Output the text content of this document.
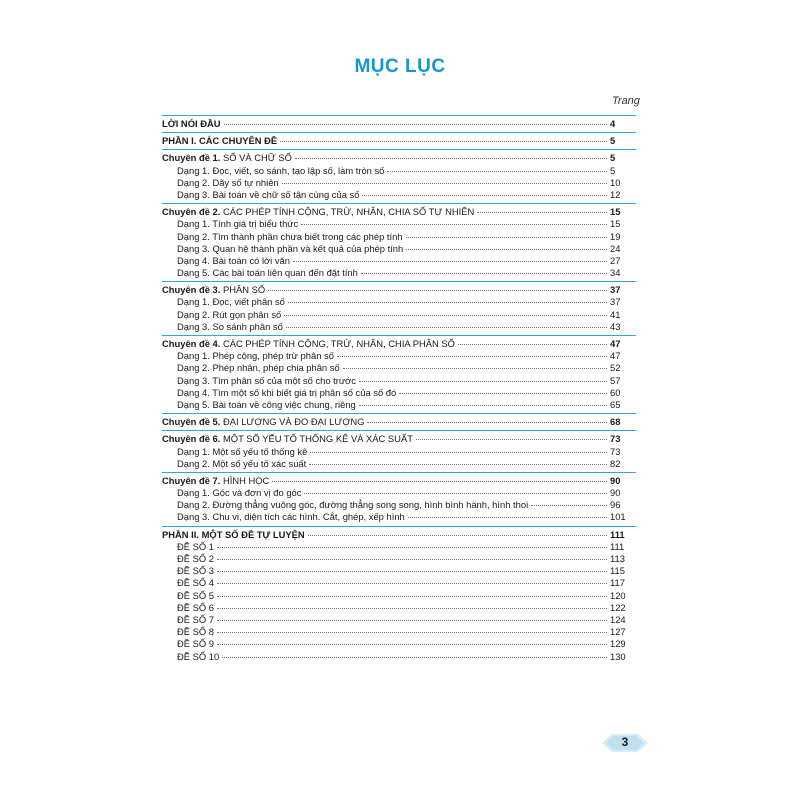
MỤC LỤC
Trang
LỜI NÓI ĐẦU	4
PHẦN I. CÁC CHUYÊN ĐỀ	5
Chuyên đề 1. SỐ VÀ CHỮ SỐ	5
Dạng 1. Đọc, viết, so sánh, tạo lập số, làm tròn số	5
Dạng 2. Dãy số tự nhiên	10
Dạng 3. Bài toán về chữ số tận cùng của số	12
Chuyên đề 2. CÁC PHÉP TÍNH CỘNG, TRỪ, NHÂN, CHIA SỐ TỰ NHIÊN	15
Dạng 1. Tính giá trị biểu thức	15
Dạng 2. Tìm thành phần chưa biết trong các phép tính	19
Dạng 3. Quan hệ thành phần và kết quả của phép tính	24
Dạng 4. Bài toán có lời văn	27
Dạng 5. Các bài toán liên quan đến đặt tính	34
Chuyên đề 3. PHÂN SỐ	37
Dạng 1. Đọc, viết phân số	37
Dạng 2. Rút gọn phân số	41
Dạng 3. So sánh phân số	43
Chuyên đề 4. CÁC PHÉP TÍNH CỘNG, TRỪ, NHÂN, CHIA PHÂN SỐ	47
Dạng 1. Phép cộng, phép trừ phân số	47
Dạng 2. Phép nhân, phép chia phân số	52
Dạng 3. Tìm phân số của một số cho trước	57
Dạng 4. Tìm một số khi biết giá trị phân số của số đó	60
Dạng 5. Bài toán về công việc chung, riêng	65
Chuyên đề 5. ĐẠI LƯỢNG VÀ ĐO ĐẠI LƯỢNG	68
Chuyên đề 6. MỘT SỐ YẾU TỐ THỐNG KÊ VÀ XÁC SUẤT	73
Dạng 1. Một số yếu tố thống kê	73
Dạng 2. Một số yếu tố xác suất	82
Chuyên đề 7. HÌNH HỌC	90
Dạng 1. Góc và đơn vị đo góc	90
Dạng 2. Đường thẳng vuông góc, đường thẳng song song, hình bình hành, hình thoi	96
Dạng 3. Chu vi, diện tích các hình. Cắt, ghép, xếp hình	101
PHẦN II. MỘT SỐ ĐỀ TỰ LUYỆN	111
ĐỀ SỐ 1	111
ĐỀ SỐ 2	113
ĐỀ SỐ 3	115
ĐỀ SỐ 4	117
ĐỀ SỐ 5	120
ĐỀ SỐ 6	122
ĐỀ SỐ 7	124
ĐỀ SỐ 8	127
ĐỀ SỐ 9	129
ĐỀ SỐ 10	130
3
